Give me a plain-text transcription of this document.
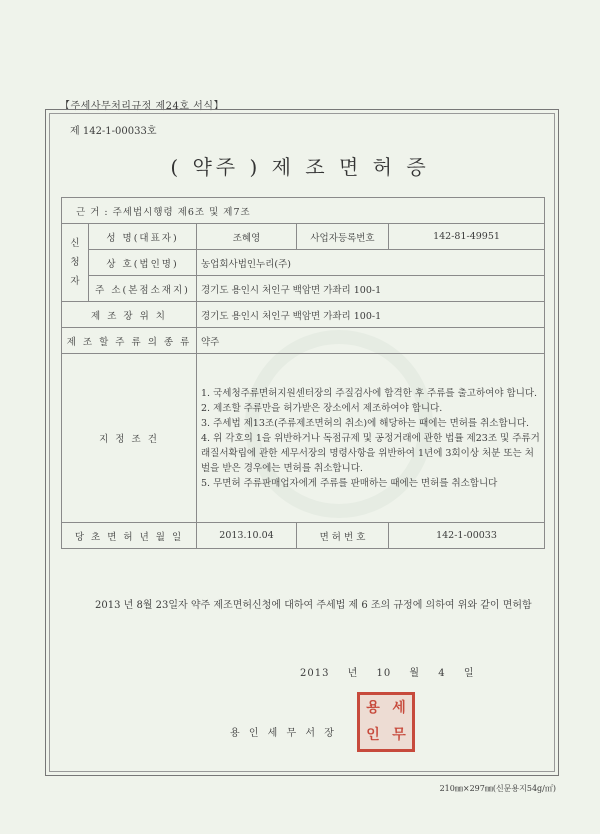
【주세사무처리규정 제24호 서식】
제 142-1-00033호
( 약주 ) 제 조 면 허 증
근 거 : 주세법시행령 제6조 및 제7조				
신
청
자	성 명(대표자)	조혜영	사업자등록번호	142-81-49951
	상 호(법인명)	농업회사법인누리(주)		
	주 소(본점소재지)	경기도 용인시 처인구 백암면 가좌리 100-1		
제 조 장 위 치		경기도 용인시 처인구 백암면 가좌리 100-1		
제 조 할 주 류 의 종 류		약주		
지 정 조 건		1. 국세청주류면허지원센터장의 주질검사에 합격한 후 주류를 출고하여야 합니다.

2. 제조할 주류만을 허가받은 장소에서 제조하여야 합니다.

3. 주세법 제13조(주류제조면허의 취소)에 해당하는 때에는 면허를 취소합니다.

4. 위 각호의 1을 위반하거나 독점규제 및 공정거래에 관한 법률 제23조 및 주류거래질서확립에 관한 세무서장의 명령사항을 위반하여 1년에 3회이상 처분 또는 처벌을 받은 경우에는 면허를 취소합니다.

5. 무면허 주류판매업자에게 주류를 판매하는 때에는 면허를 취소합니다		

당 초 면 허 년 월 일		2013.10.04	면 허 번 호	142-1-00033
2013 년 8월 23일자 약주 제조면허신청에 대하여 주세법 제 6 조의 규정에 의하여 위와 같이 면허함
2013 년 10 월 4 일
용 인 세 무 서 장
용 세
인 무
210㎜×297㎜(신문용지54g/㎡)
